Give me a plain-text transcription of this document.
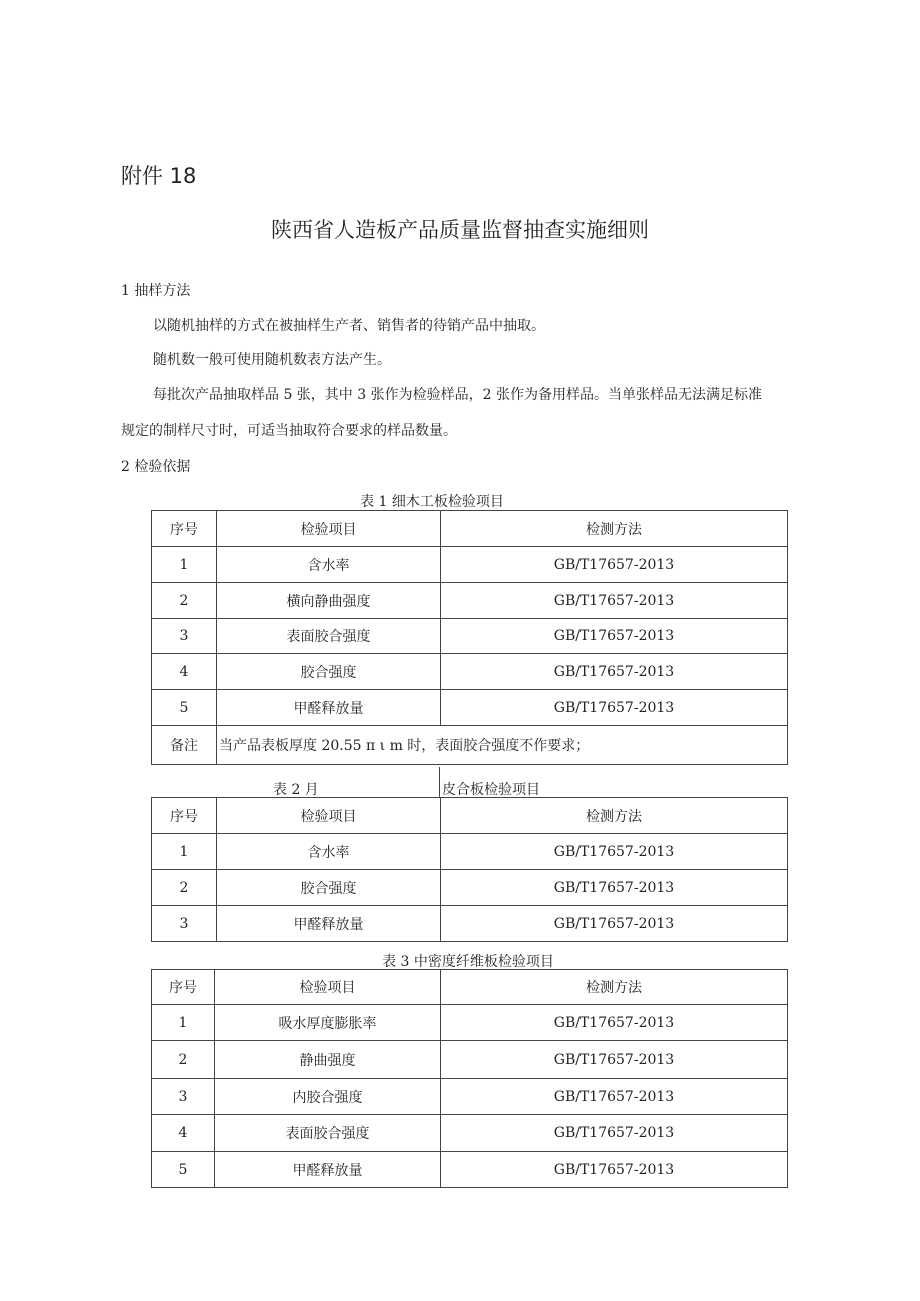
附件 18
陕西省人造板产品质量监督抽查实施细则
1 抽样方法
以随机抽样的方式在被抽样生产者、销售者的待销产品中抽取。
随机数一般可使用随机数表方法产生。
每批次产品抽取样品 5 张，其中 3 张作为检验样品，2 张作为备用样品。当单张样品无法满足标准
规定的制样尺寸时，可适当抽取符合要求的样品数量。
2 检验依据
表 1 细木工板检验项目
序号	检验项目	检测方法
1	含水率	GB/T17657-2013
2	横向静曲强度	GB/T17657-2013
3	表面胶合强度	GB/T17657-2013
4	胶合强度	GB/T17657-2013
5	甲醛释放量	GB/T17657-2013
备注	当产品表板厚度 20.55 π ι m 时，表面胶合强度不作要求；	
表 2 月	皮合板检验项目
序号	检验项目	检测方法
1	含水率	GB/T17657-2013
2	胶合强度	GB/T17657-2013
3	甲醛释放量	GB/T17657-2013
表 3 中密度纤维板检验项目
序号	检验项目	检测方法
1	吸水厚度膨胀率	GB/T17657-2013
2	静曲强度	GB/T17657-2013
3	内胶合强度	GB/T17657-2013
4	表面胶合强度	GB/T17657-2013
5	甲醛释放量	GB/T17657-2013
